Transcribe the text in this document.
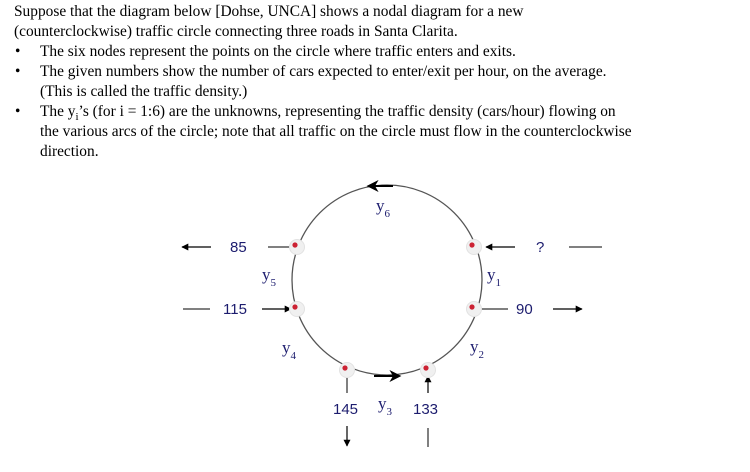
Suppose that the diagram below [Dohse, UNCA] shows a nodal diagram for a new

(counterclockwise) traffic circle connecting three roads in Santa Clarita.

• The six nodes represent the points on the circle where traffic enters and exits.
• The given numbers show the number of cars expected to enter/exit per hour, on the average.
(This is called the traffic density.)
• The $y_i’s$ (for i = 1:6) are the unknowns, representing the traffic density (cars/hour) flowing on
the various arcs of the circle; note that all traffic on the circle must flow in the counterclockwise
direction.
85
115
?
90
145	133
$y_6$
$y_5$	$y_1$
$y_4$	$y_2$
$y_3$
